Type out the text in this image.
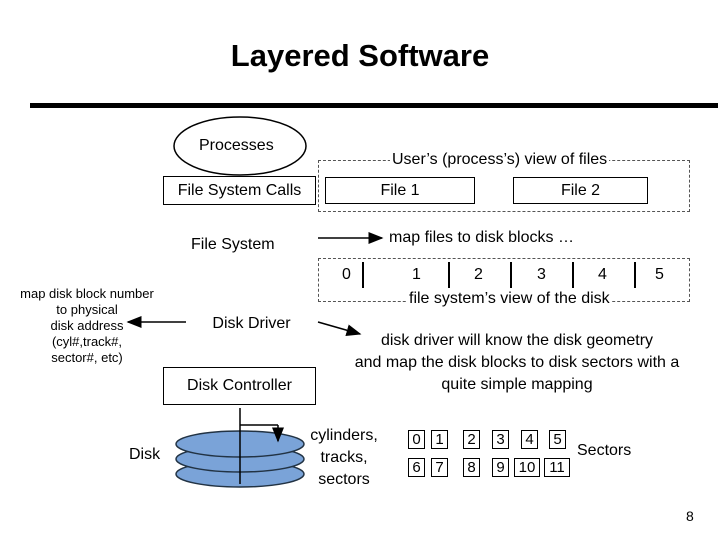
Layered Software
Processes
User’s (process’s) view of files
File System Calls	File 1	File 2
File System	map files to disk blocks …
0	1	2	3	4	5
file system’s view of the disk
map disk block number
to physical
disk address
(cyl#,track#,
sector#, etc)
Disk Driver
disk driver will know the disk geometry
and map the disk blocks to disk sectors with a
quite simple mapping
Disk Controller
Disk
cylinders,
tracks,
sectors
0 1 2 3 4 5
6 7 8 9 10 11
Sectors
8
